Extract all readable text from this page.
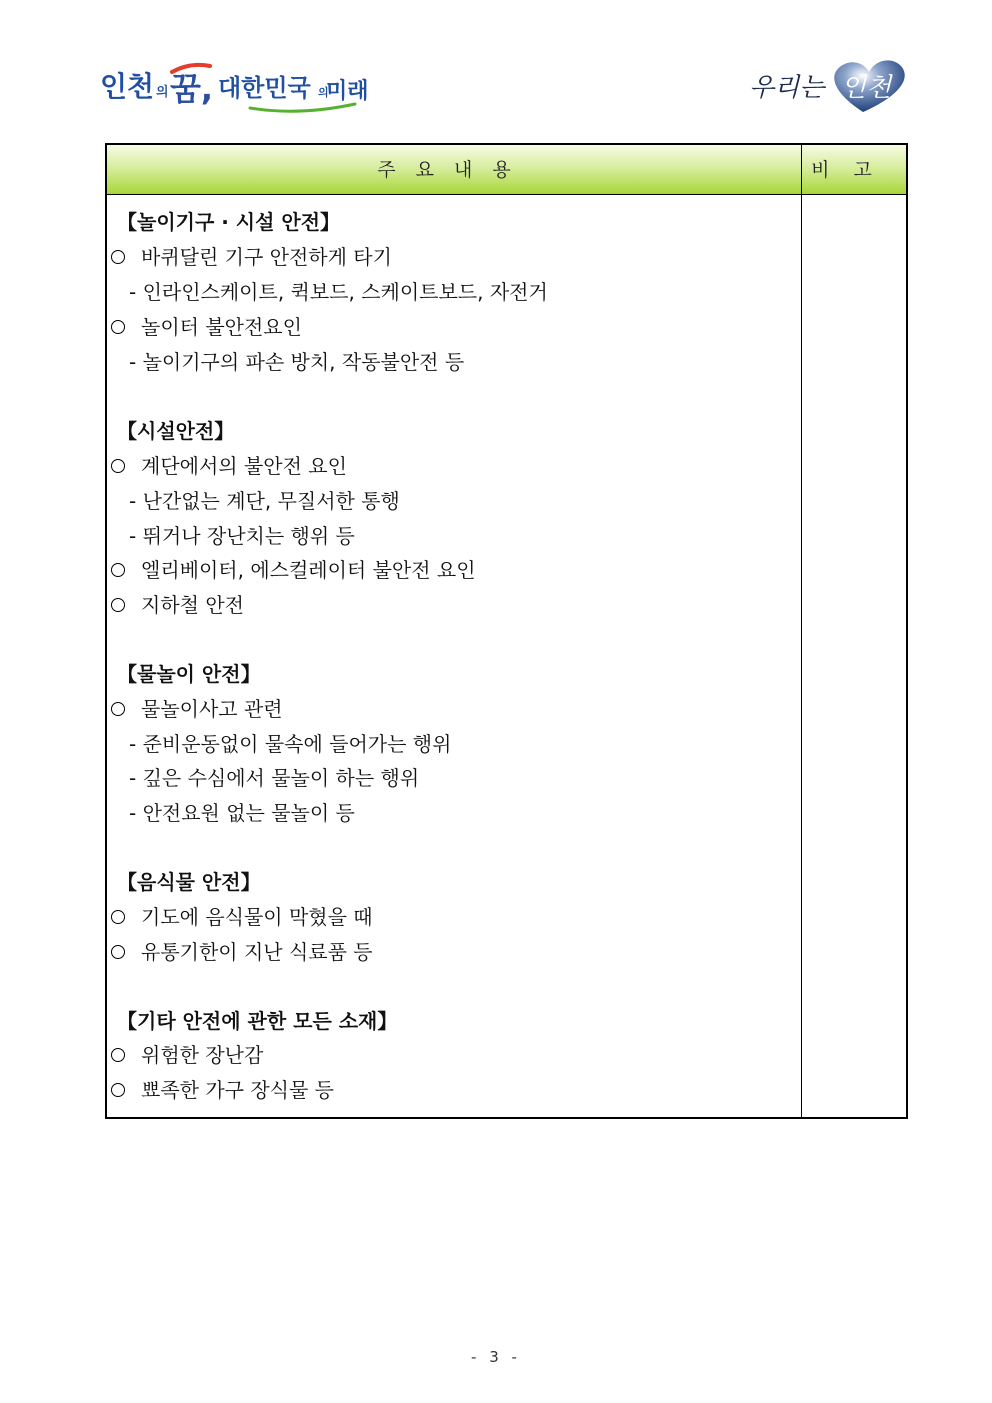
인천 의 꿈, 대한민국 의
미래	우리는 인천
주요내용	비고
【놀이기구 · 시설 안전】
바퀴달린 기구 안전하게 타기
- 인라인스케이트, 퀵보드, 스케이트보드, 자전거
놀이터 불안전요인
- 놀이기구의 파손 방치, 작동불안전 등
【시설안전】
계단에서의 불안전 요인
- 난간없는 계단, 무질서한 통행
- 뛰거나 장난치는 행위 등
엘리베이터, 에스컬레이터 불안전 요인
지하철 안전
【물놀이 안전】
물놀이사고 관련
- 준비운동없이 물속에 들어가는 행위
- 깊은 수심에서 물놀이 하는 행위
- 안전요원 없는 물놀이 등
【음식물 안전】
기도에 음식물이 막혔을 때
유통기한이 지난 식료품 등
【기타 안전에 관한 모든 소재】
위험한 장난감
뾰족한 가구 장식물 등
- 3 -
